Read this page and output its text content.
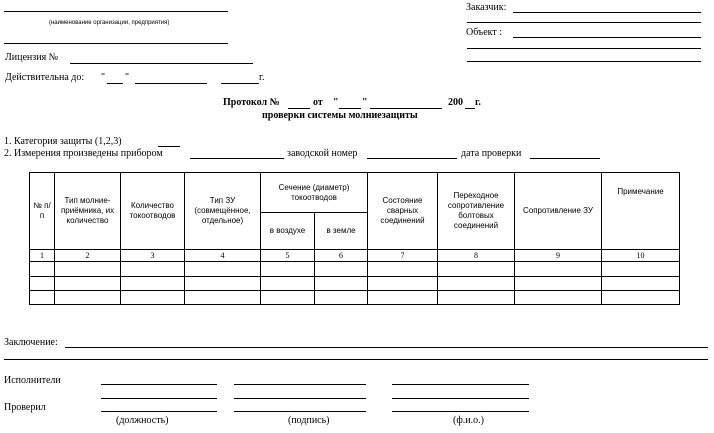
(наименование организации, предприятия)
Лицензия №
Действительна до: " "	г.
Заказчик:
Объект :
Протокол №	от " "	200 г.
проверки системы молниезащиты
1. Категория защиты (1,2,3)
2. Измерения произведены прибором	заводской номер	дата проверки
№ п/п	Тип молние-приёмника, их количество	Количество токоотводов	Тип ЗУ (совмещённое, отдельное)	Сечение (диаметр) токоотводов		Состояние сварных соединений	Переходное сопротивление болтовых соединений	Сопротивление ЗУ	Примечание
				в воздухе	в земле				
1	2	3	4	5	6	7	8	9	10

Заключение:
Исполнители
Проверил
(должность)	(подпись)	(ф.и.о.)
